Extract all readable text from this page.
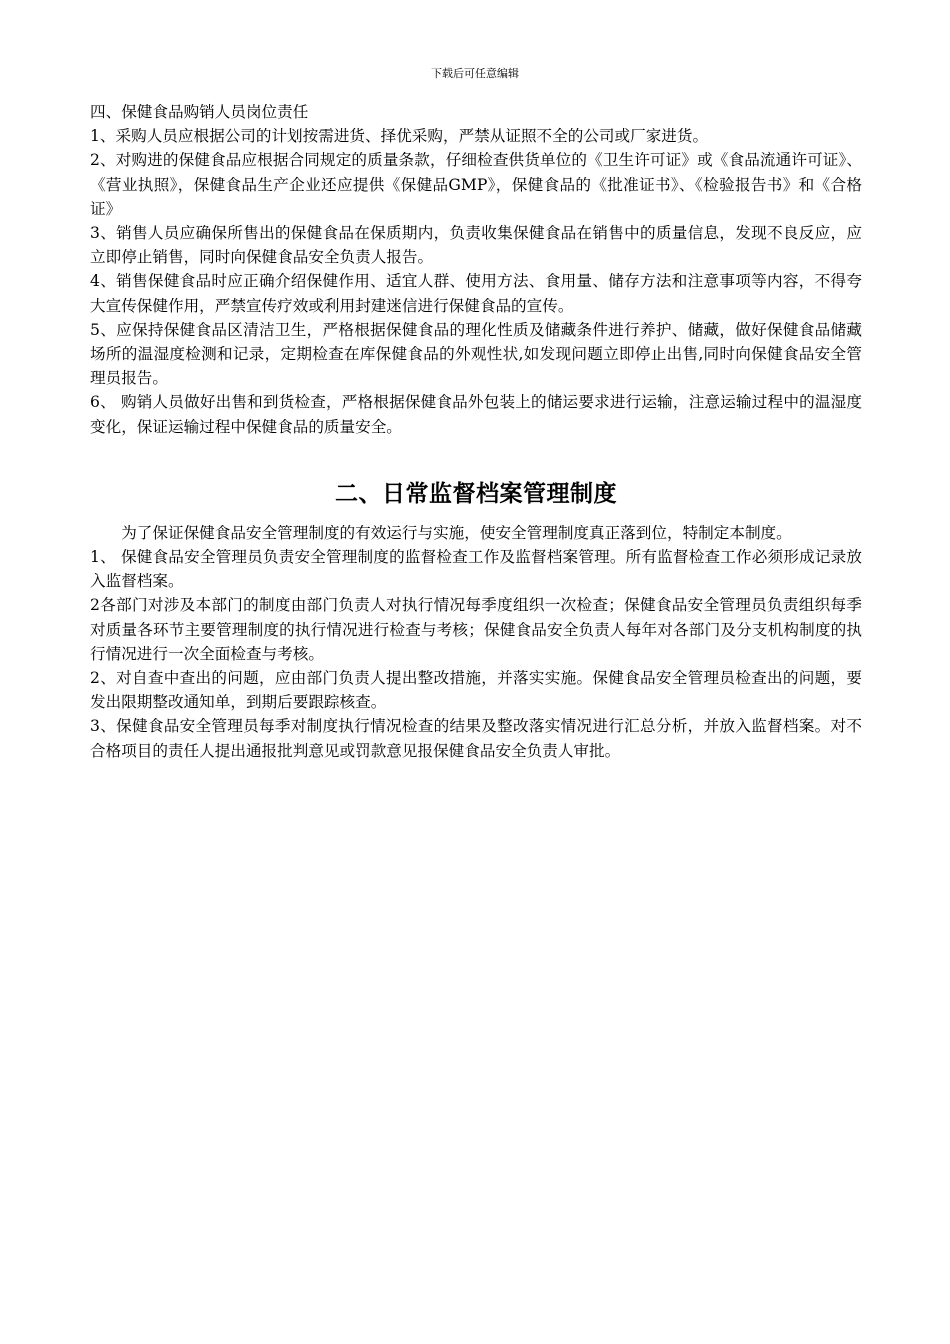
下载后可任意编辑

四、保健食品购销人员岗位责任

1、采购人员应根据公司的计划按需进货、择优采购，严禁从证照不全的公司或厂家进货。

2、对购进的保健食品应根据合同规定的质量条款，仔细检查供货单位的《卫生许可证》或《食品流通许可证》、《营业执照》，保健食品生产企业还应提供《保健品GMP》，保健食品的《批准证书》、《检验报告书》和《合格证》

3、销售人员应确保所售出的保健食品在保质期内，负责收集保健食品在销售中的质量信息，发现不良反应，应立即停止销售，同时向保健食品安全负责人报告。

4、销售保健食品时应正确介绍保健作用、适宜人群、使用方法、食用量、储存方法和注意事项等内容，不得夸大宣传保健作用，严禁宣传疗效或利用封建迷信进行保健食品的宣传。

5、应保持保健食品区清洁卫生，严格根据保健食品的理化性质及储藏条件进行养护、储藏，做好保健食品储藏场所的温湿度检测和记录，定期检查在库保健食品的外观性状,如发现问题立即停止出售,同时向保健食品安全管理员报告。

6、 购销人员做好出售和到货检查，严格根据保健食品外包装上的储运要求进行运输，注意运输过程中的温湿度变化，保证运输过程中保健食品的质量安全。

二、日常监督档案管理制度

为了保证保健食品安全管理制度的有效运行与实施，使安全管理制度真正落到位，特制定本制度。

1、 保健食品安全管理员负责安全管理制度的监督检查工作及监督档案管理。所有监督检查工作必须形成记录放入监督档案。

2各部门对涉及本部门的制度由部门负责人对执行情况每季度组织一次检查；保健食品安全管理员负责组织每季对质量各环节主要管理制度的执行情况进行检查与考核；保健食品安全负责人每年对各部门及分支机构制度的执行情况进行一次全面检查与考核。

2、对自查中查出的问题，应由部门负责人提出整改措施，并落实实施。保健食品安全管理员检查出的问题，要发出限期整改通知单，到期后要跟踪核查。

3、保健食品安全管理员每季对制度执行情况检查的结果及整改落实情况进行汇总分析，并放入监督档案。对不合格项目的责任人提出通报批判意见或罚款意见报保健食品安全负责人审批。
